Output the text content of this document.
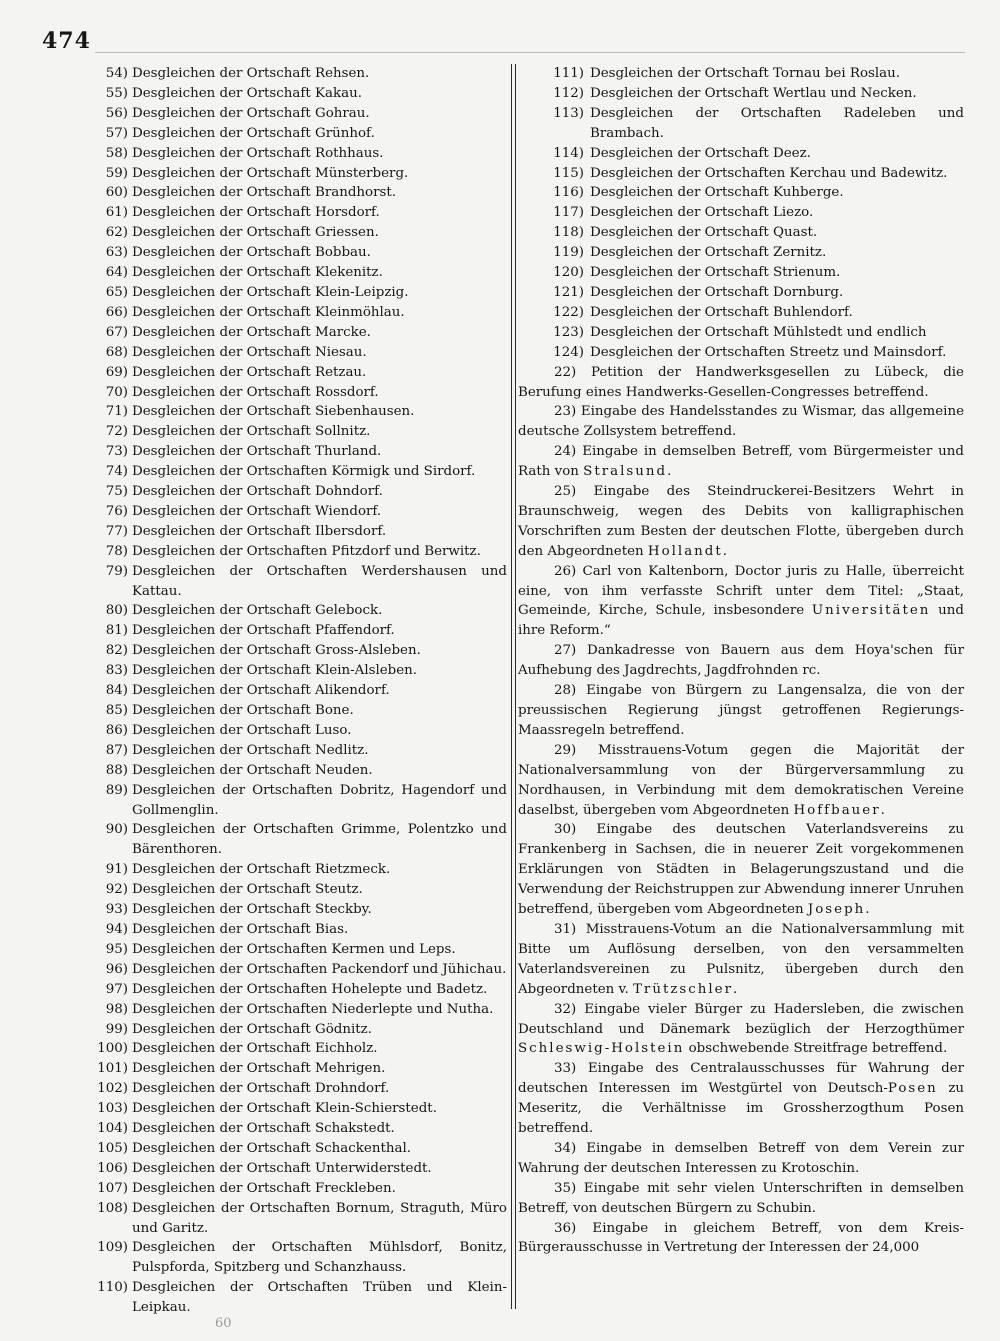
474
54) Desgleichen der Ortschaft Rehsen.
55) Desgleichen der Ortschaft Kakau.
56) Desgleichen der Ortschaft Gohrau.
57) Desgleichen der Ortschaft Grünhof.
58) Desgleichen der Ortschaft Rothhaus.
59) Desgleichen der Ortschaft Münsterberg.
60) Desgleichen der Ortschaft Brandhorst.
61) Desgleichen der Ortschaft Horsdorf.
62) Desgleichen der Ortschaft Griessen.
63) Desgleichen der Ortschaft Bobbau.
64) Desgleichen der Ortschaft Klekenitz.
65) Desgleichen der Ortschaft Klein-Leipzig.
66) Desgleichen der Ortschaft Kleinmöhlau.
67) Desgleichen der Ortschaft Marcke.
68) Desgleichen der Ortschaft Niesau.
69) Desgleichen der Ortschaft Retzau.
70) Desgleichen der Ortschaft Rossdorf.
71) Desgleichen der Ortschaft Siebenhausen.
72) Desgleichen der Ortschaft Sollnitz.
73) Desgleichen der Ortschaft Thurland.
74) Desgleichen der Ortschaften Körmigk und Sirdorf.
75) Desgleichen der Ortschaft Dohndorf.
76) Desgleichen der Ortschaft Wiendorf.
77) Desgleichen der Ortschaft Ilbersdorf.
78) Desgleichen der Ortschaften Pfitzdorf und Berwitz.
79) Desgleichen der Ortschaften Werdershausen und Kattau.
80) Desgleichen der Ortschaft Gelebock.
81) Desgleichen der Ortschaft Pfaffendorf.
82) Desgleichen der Ortschaft Gross-Alsleben.
83) Desgleichen der Ortschaft Klein-Alsleben.
84) Desgleichen der Ortschaft Alikendorf.
85) Desgleichen der Ortschaft Bone.
86) Desgleichen der Ortschaft Luso.
87) Desgleichen der Ortschaft Nedlitz.
88) Desgleichen der Ortschaft Neuden.
89) Desgleichen der Ortschaften Dobritz, Hagendorf und Gollmenglin.
90) Desgleichen der Ortschaften Grimme, Polentzko und Bärenthoren.
91) Desgleichen der Ortschaft Rietzmeck.
92) Desgleichen der Ortschaft Steutz.
93) Desgleichen der Ortschaft Steckby.
94) Desgleichen der Ortschaft Bias.
95) Desgleichen der Ortschaften Kermen und Leps.
96) Desgleichen der Ortschaften Packendorf und Jühichau.
97) Desgleichen der Ortschaften Hohelepte und Badetz.
98) Desgleichen der Ortschaften Niederlepte und Nutha.
99) Desgleichen der Ortschaft Gödnitz.
100) Desgleichen der Ortschaft Eichholz.
101) Desgleichen der Ortschaft Mehrigen.
102) Desgleichen der Ortschaft Drohndorf.
103) Desgleichen der Ortschaft Klein-Schierstedt.
104) Desgleichen der Ortschaft Schakstedt.
105) Desgleichen der Ortschaft Schackenthal.
106) Desgleichen der Ortschaft Unterwiderstedt.
107) Desgleichen der Ortschaft Freckleben.
108) Desgleichen der Ortschaften Bornum, Straguth, Müro und Garitz.
109) Desgleichen der Ortschaften Mühlsdorf, Bonitz, Pulspforda, Spitzberg und Schanzhauss.
110) Desgleichen der Ortschaften Trüben und Klein-Leipkau.
111) Desgleichen der Ortschaft Tornau bei Roslau.
112) Desgleichen der Ortschaft Wertlau und Necken.
113) Desgleichen der Ortschaften Radeleben und Brambach.
114) Desgleichen der Ortschaft Deez.
115) Desgleichen der Ortschaften Kerchau und Badewitz.
116) Desgleichen der Ortschaft Kuhberge.
117) Desgleichen der Ortschaft Liezo.
118) Desgleichen der Ortschaft Quast.
119) Desgleichen der Ortschaft Zernitz.
120) Desgleichen der Ortschaft Strienum.
121) Desgleichen der Ortschaft Dornburg.
122) Desgleichen der Ortschaft Buhlendorf.
123) Desgleichen der Ortschaft Mühlstedt und endlich
124) Desgleichen der Ortschaften Streetz und Mainsdorf.
22) Petition der Handwerksgesellen zu Lübeck, die Berufung eines Handwerks-Gesellen-Congresses betreffend.
23) Eingabe des Handelsstandes zu Wismar, das allgemeine deutsche Zollsystem betreffend.
24) Eingabe in demselben Betreff, vom Bürgermeister und Rath von Stralsund.
25) Eingabe des Steindruckerei-Besitzers Wehrt in Braunschweig, wegen des Debits von kalligraphischen Vorschriften zum Besten der deutschen Flotte, übergeben durch den Abgeordneten Hollandt.
26) Carl von Kaltenborn, Doctor juris zu Halle, überreicht eine, von ihm verfasste Schrift unter dem Titel: „Staat, Gemeinde, Kirche, Schule, insbesondere Universitäten und ihre Reform.“
27) Dankadresse von Bauern aus dem Hoya'schen für Aufhebung des Jagdrechts, Jagdfrohnden rc.
28) Eingabe von Bürgern zu Langensalza, die von der preussischen Regierung jüngst getroffenen Regierungs-Maassregeln betreffend.
29) Misstrauens-Votum gegen die Majorität der Nationalversammlung von der Bürgerversammlung zu Nordhausen, in Verbindung mit dem demokratischen Vereine daselbst, übergeben vom Abgeordneten Hoffbauer.
30) Eingabe des deutschen Vaterlandsvereins zu Frankenberg in Sachsen, die in neuerer Zeit vorgekommenen Erklärungen von Städten in Belagerungszustand und die Verwendung der Reichstruppen zur Abwendung innerer Unruhen betreffend, übergeben vom Abgeordneten Joseph.
31) Misstrauens-Votum an die Nationalversammlung mit Bitte um Auflösung derselben, von den versammelten Vaterlandsvereinen zu Pulsnitz, übergeben durch den Abgeordneten v. Trützschler.
32) Eingabe vieler Bürger zu Hadersleben, die zwischen Deutschland und Dänemark bezüglich der Herzogthümer Schleswig-Holstein obschwebende Streitfrage betreffend.
33) Eingabe des Centralausschusses für Wahrung der deutschen Interessen im Westgürtel von Deutsch-Posen zu Meseritz, die Verhältnisse im Grossherzogthum Posen betreffend.
34) Eingabe in demselben Betreff von dem Verein zur Wahrung der deutschen Interessen zu Krotoschin.
35) Eingabe mit sehr vielen Unterschriften in demselben Betreff, von deutschen Bürgern zu Schubin.
36) Eingabe in gleichem Betreff, von dem Kreis-Bürgerausschusse in Vertretung der Interessen der 24,000
60
